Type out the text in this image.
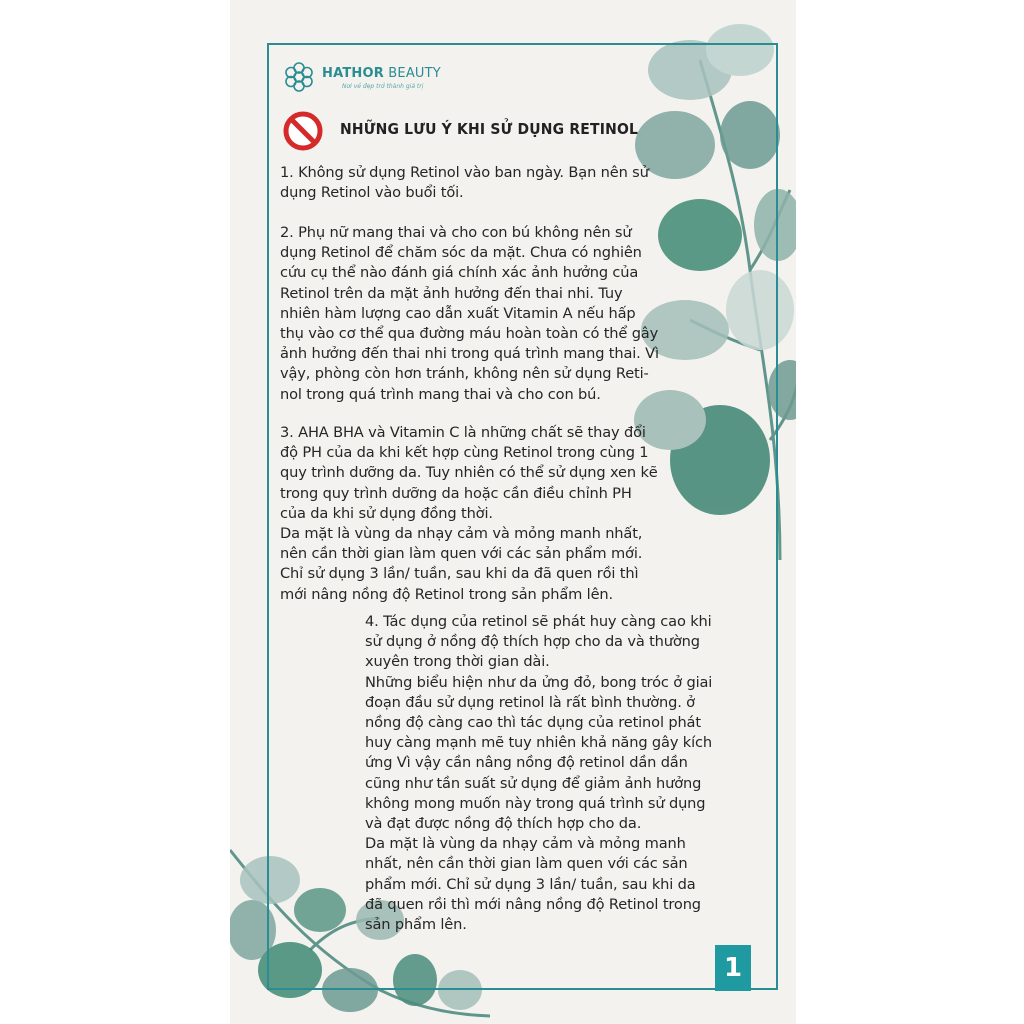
HATHOR BEAUTY
Nơi vẻ đẹp trở thành giá trị
NHỮNG LƯU Ý KHI SỬ DỤNG RETINOL

1. Không sử dụng Retinol vào ban ngày. Bạn nên sử
dụng Retinol vào buổi tối.

2. Phụ nữ mang thai và cho con bú không nên sử
dụng Retinol để chăm sóc da mặt. Chưa có nghiên
cứu cụ thể nào đánh giá chính xác ảnh hưởng của
Retinol trên da mặt ảnh hưởng đến thai nhi. Tuy
nhiên hàm lượng cao dẫn xuất Vitamin A nếu hấp
thụ vào cơ thể qua đường máu hoàn toàn có thể gây
ảnh hưởng đến thai nhi trong quá trình mang thai. Vì
vậy, phòng còn hơn tránh, không nên sử dụng Reti-
nol trong quá trình mang thai và cho con bú.

3. AHA BHA và Vitamin C là những chất sẽ thay đổi
độ PH của da khi kết hợp cùng Retinol trong cùng 1
quy trình dưỡng da. Tuy nhiên có thể sử dụng xen kẽ
trong quy trình dưỡng da hoặc cần điều chỉnh PH
của da khi sử dụng đồng thời.
Da mặt là vùng da nhạy cảm và mỏng manh nhất,
nên cần thời gian làm quen với các sản phẩm mới.
Chỉ sử dụng 3 lần/ tuần, sau khi da đã quen rồi thì
mới nâng nồng độ Retinol trong sản phẩm lên.

4. Tác dụng của retinol sẽ phát huy càng cao khi
sử dụng ở nồng độ thích hợp cho da và thường
xuyên trong thời gian dài.
Những biểu hiện như da ửng đỏ, bong tróc ở giai
đoạn đầu sử dụng retinol là rất bình thường. ở
nồng độ càng cao thì tác dụng của retinol phát
huy càng mạnh mẽ tuy nhiên khả năng gây kích
ứng Vì vậy cần nâng nồng độ retinol dần dần
cũng như tần suất sử dụng để giảm ảnh hưởng
không mong muốn này trong quá trình sử dụng
và đạt được nồng độ thích hợp cho da.
Da mặt là vùng da nhạy cảm và mỏng manh
nhất, nên cần thời gian làm quen với các sản
phẩm mới. Chỉ sử dụng 3 lần/ tuần, sau khi da
đã quen rồi thì mới nâng nồng độ Retinol trong
sản phẩm lên.

1
